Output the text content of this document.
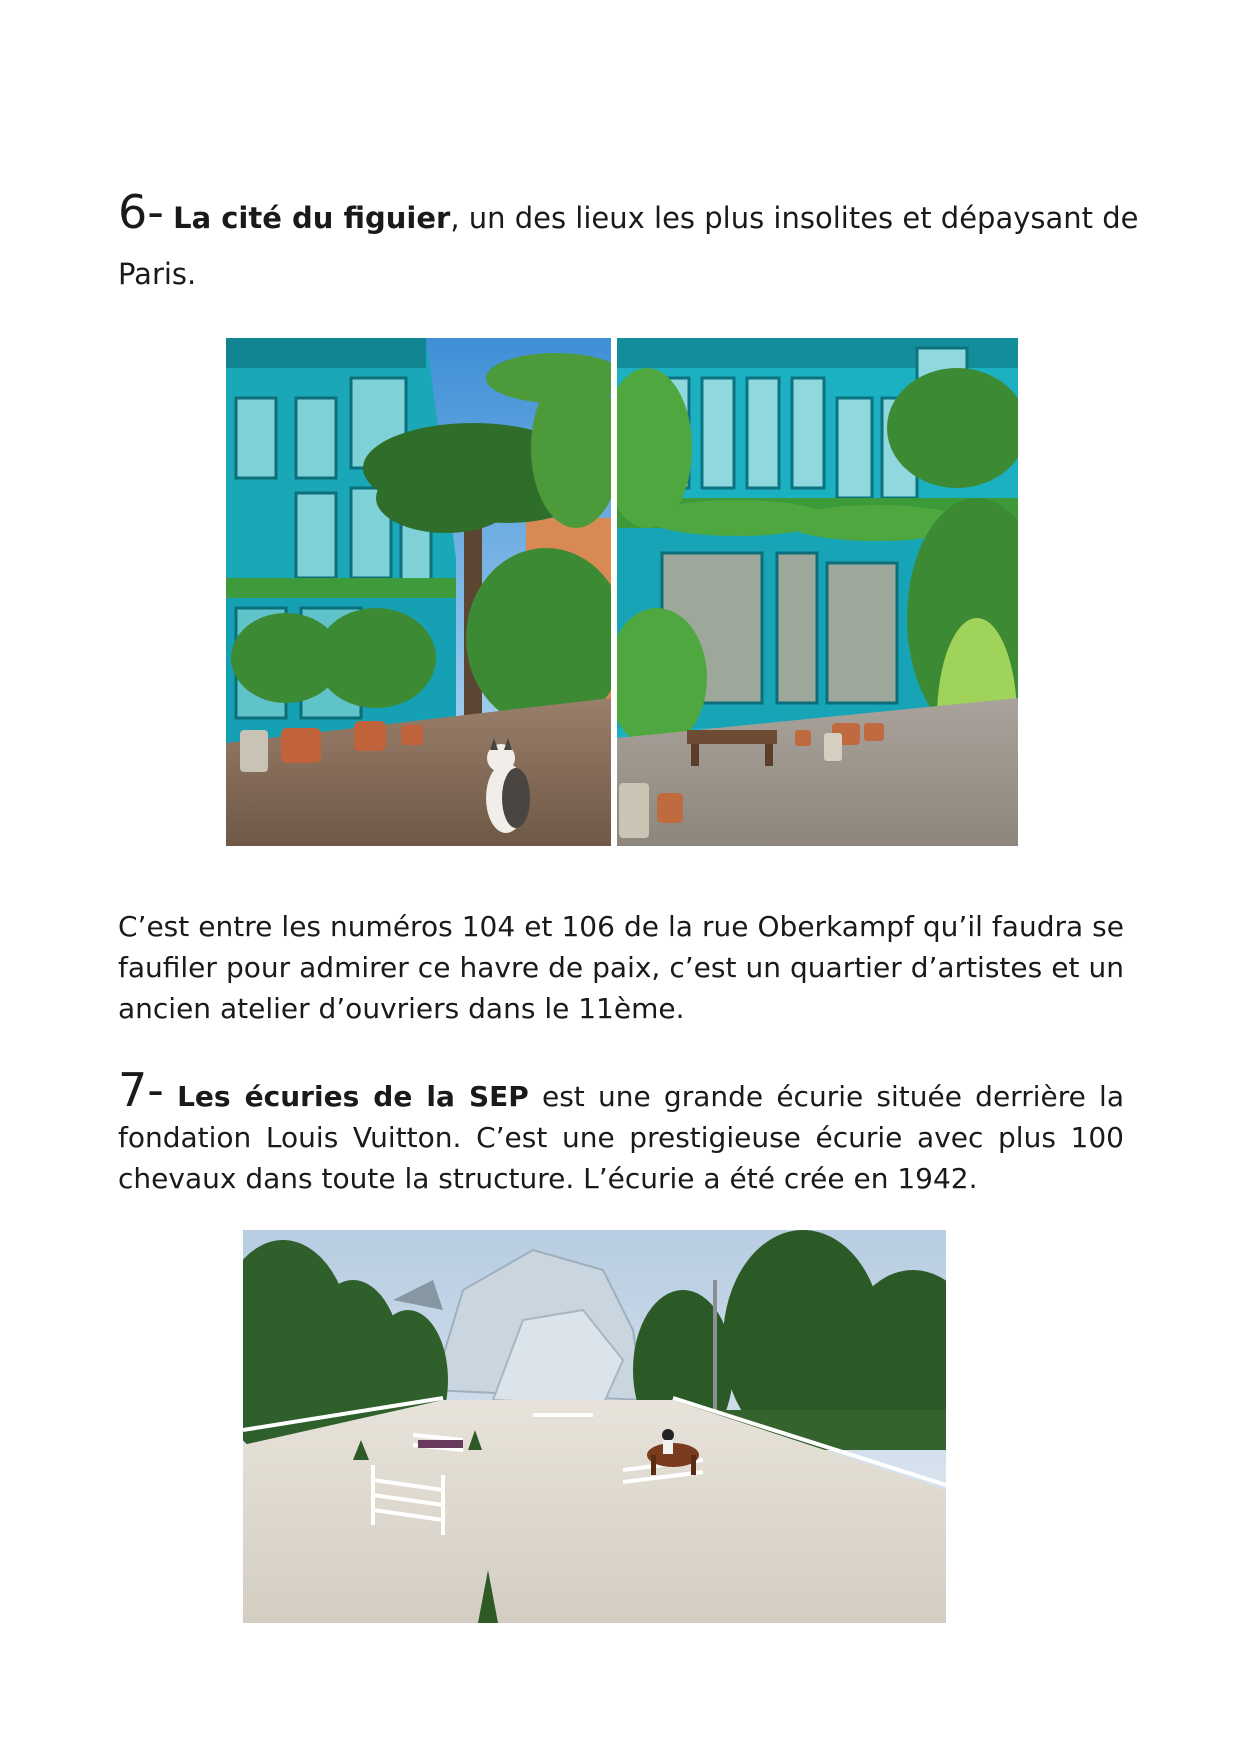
6- La cité du figuier, un des lieux les plus insolites et dépaysant de
Paris.
C’est entre les numéros 104 et 106 de la rue Oberkampf qu’il faudra se
faufiler pour admirer ce havre de paix, c’est un quartier d’artistes et un
ancien atelier d’ouvriers dans le 11ème.
7- Les écuries de la SEP est une grande écurie située derrière la
fondation Louis Vuitton. C’est une prestigieuse écurie avec plus 100
chevaux dans toute la structure. L’écurie a été crée en 1942.
